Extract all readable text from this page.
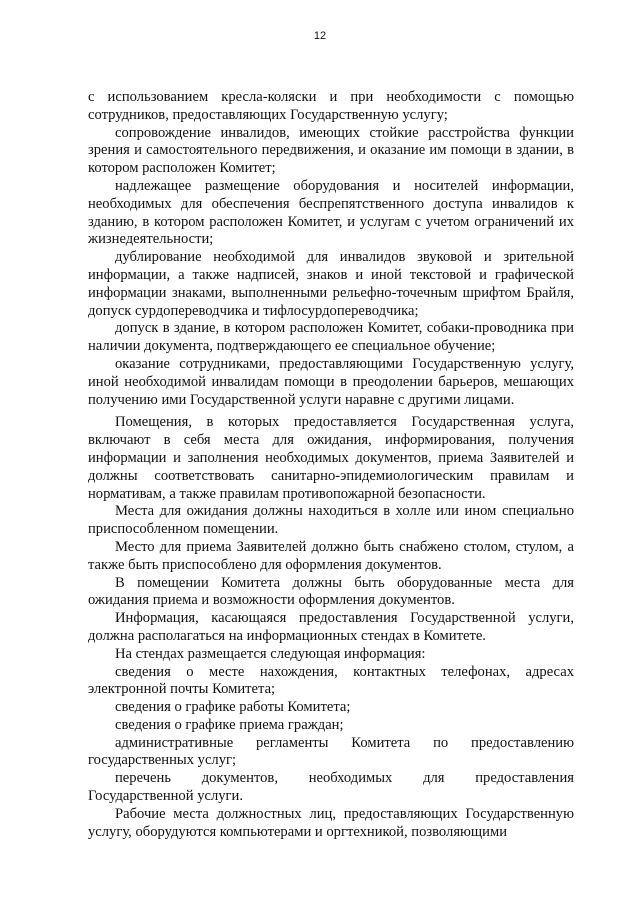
12

с использованием кресла-коляски и при необходимости с помощью сотрудников, предоставляющих Государственную услугу;

сопровождение инвалидов, имеющих стойкие расстройства функции зрения и самостоятельного передвижения, и оказание им помощи в здании, в котором расположен Комитет;

надлежащее размещение оборудования и носителей информации, необходимых для обеспечения беспрепятственного доступа инвалидов к зданию, в котором расположен Комитет, и услугам с учетом ограничений их жизнедеятельности;

дублирование необходимой для инвалидов звуковой и зрительной информации, а также надписей, знаков и иной текстовой и графической информации знаками, выполненными рельефно-точечным шрифтом Брайля, допуск сурдопереводчика и тифлосурдопереводчика;

допуск в здание, в котором расположен Комитет, собаки-проводника при наличии документа, подтверждающего ее специальное обучение;

оказание сотрудниками, предоставляющими Государственную услугу, иной необходимой инвалидам помощи в преодолении барьеров, мешающих получению ими Государственной услуги наравне с другими лицами.

Помещения, в которых предоставляется Государственная услуга, включают в себя места для ожидания, информирования, получения информации и заполнения необходимых документов, приема Заявителей и должны соответствовать санитарно-эпидемиологическим правилам и нормативам, а также правилам противопожарной безопасности.

Места для ожидания должны находиться в холле или ином специально приспособленном помещении.

Место для приема Заявителей должно быть снабжено столом, стулом, а также быть приспособлено для оформления документов.

В помещении Комитета должны быть оборудованные места для ожидания приема и возможности оформления документов.

Информация, касающаяся предоставления Государственной услуги, должна располагаться на информационных стендах в Комитете.

На стендах размещается следующая информация:

сведения о месте нахождения, контактных телефонах, адресах электронной почты Комитета;

сведения о графике работы Комитета;

сведения о графике приема граждан;

административные регламенты Комитета по предоставлению государственных услуг;

перечень документов, необходимых для предоставления Государственной услуги.

Рабочие места должностных лиц, предоставляющих Государственную услугу, оборудуются компьютерами и оргтехникой, позволяющими
